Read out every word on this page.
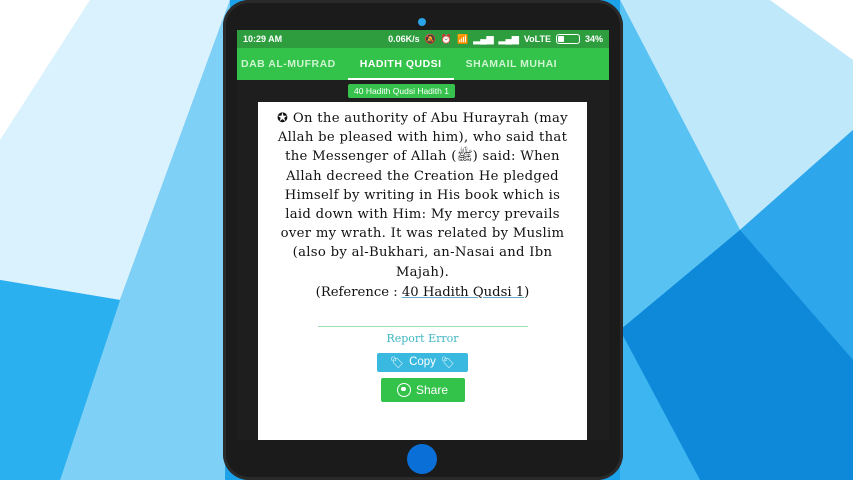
10:29 AM	0.06K/s 🔕 ⏰ 📶 ▂▄▆ ▂▄▆ VoLTE	34%
DAB AL-MUFRAD	HADITH QUDSI	SHAMAIL MUHAI
40 Hadith Qudsi Hadith 1
✪ On the authority of Abu Hurayrah (may Allah be pleased with him), who said that the Messenger of Allah (ﷺ) said: When Allah decreed the Creation He pledged Himself by writing in His book which is laid down with Him: My mercy prevails over my wrath. It was related by Muslim (also by al-Bukhari, an-Nasai and Ibn Majah).
(Reference : 40 Hadith Qudsi 1)
Report Error
🏷 Copy 🏷
Share
